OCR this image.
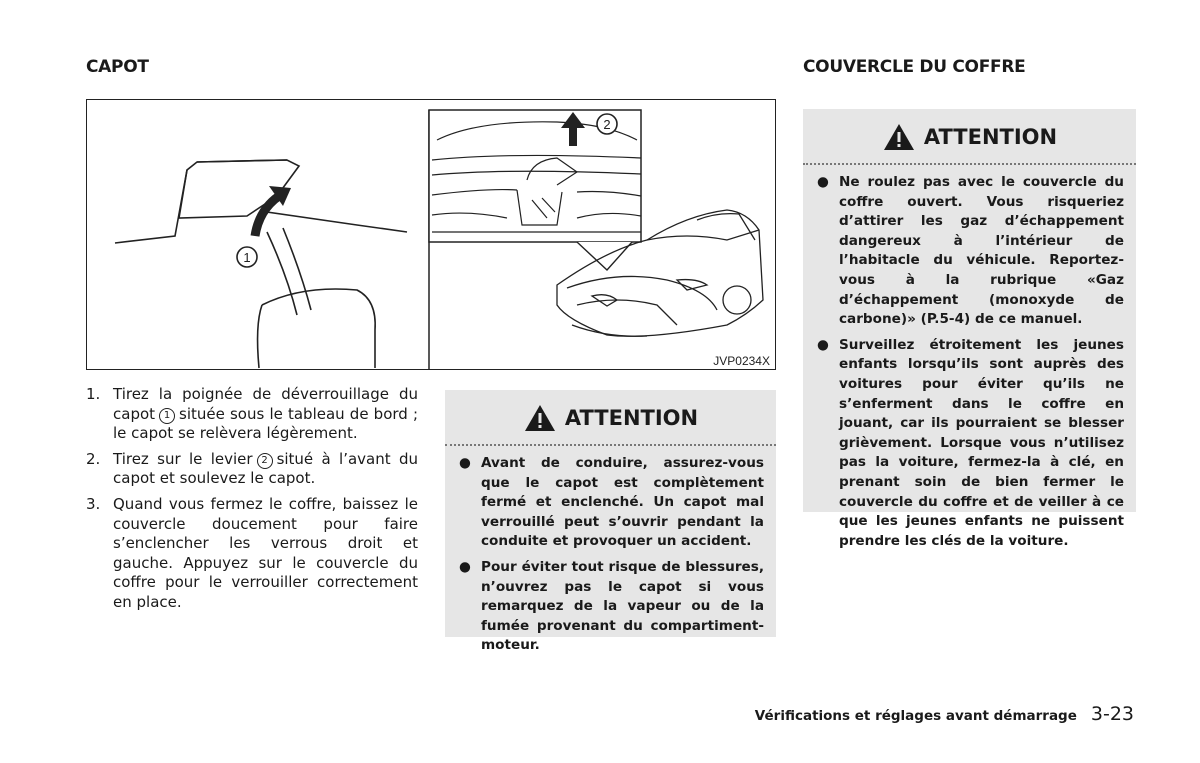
CAPOT	COUVERCLE DU COFFRE
1
2
JVP0234X
1. Tirez la poignée de déverrouillage du capot 1 située sous le tableau de bord ; le capot se relèvera légèrement.
2. Tirez sur le levier 2 situé à l’avant du capot et soulevez le capot.
3. Quand vous fermez le coffre, baissez le couvercle doucement pour faire s’enclencher les verrous droit et gauche. Appuyez sur le couvercle du coffre pour le verrouiller correctement en place.
ATTENTION
● Avant de conduire, assurez-vous que le capot est complètement fermé et enclenché. Un capot mal verrouillé peut s’ouvrir pendant la conduite et provoquer un accident.
● Pour éviter tout risque de blessures, n’ouvrez pas le capot si vous remarquez de la vapeur ou de la fumée provenant du compartiment-moteur.
ATTENTION
● Ne roulez pas avec le couvercle du coffre ouvert. Vous risqueriez d’attirer les gaz d’échappement dangereux à l’intérieur de l’habitacle du véhicule. Reportez-vous à la rubrique «Gaz d’échappement (monoxyde de carbone)» (P.5-4) de ce manuel.
● Surveillez étroitement les jeunes enfants lorsqu’ils sont auprès des voitures pour éviter qu’ils ne s’enferment dans le coffre en jouant, car ils pourraient se blesser grièvement. Lorsque vous n’utilisez pas la voiture, fermez-la à clé, en prenant soin de bien fermer le couvercle du coffre et de veiller à ce que les jeunes enfants ne puissent prendre les clés de la voiture.
Vérifications et réglages avant démarrage 3-23
